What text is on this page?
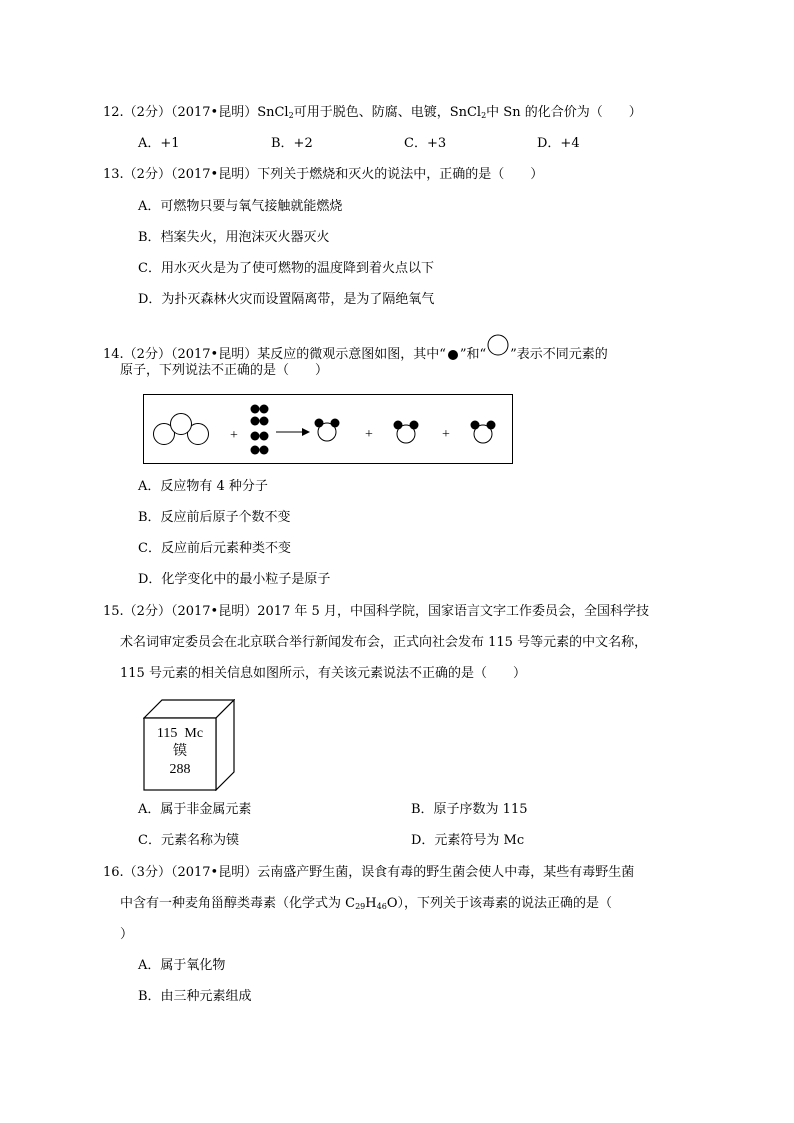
12.（2分）（2017•昆明）SnCl$_2$可用于脱色、防腐、电镀，SnCl$_2$中 Sn 的化合价为（　　）
A．+1	B．+2	C．+3	D．+4
13.（2分）（2017•昆明）下列关于燃烧和灭火的说法中，正确的是（　　）
A．可燃物只要与氧气接触就能燃烧
B．档案失火，用泡沫灭火器灭火
C．用水灭火是为了使可燃物的温度降到着火点以下
D．为扑灭森林火灾而设置隔离带，是为了隔绝氧气
14.（2分）（2017•昆明）某反应的微观示意图如图，其中“ ”和“ ”表示不同元素的
原子，下列说法不正确的是（　　）
+	+	+
A．反应物有 4 种分子
B．反应前后原子个数不变
C．反应前后元素种类不变
D．化学变化中的最小粒子是原子
15.（2分）（2017•昆明）2017 年 5 月，中国科学院，国家语言文字工作委员会，全国科学技
术名词审定委员会在北京联合举行新闻发布会，正式向社会发布 115 号等元素的中文名称，
115 号元素的相关信息如图所示，有关该元素说法不正确的是（　　）
115  Mc
镆
288
A．属于非金属元素	B．原子序数为 115
C．元素名称为镆	D．元素符号为 Mc
16.（3分）（2017•昆明）云南盛产野生菌，误食有毒的野生菌会使人中毒，某些有毒野生菌
中含有一种麦角甾醇类毒素（化学式为 $C_{29}H_{46}O$），下列关于该毒素的说法正确的是（
）
A．属于氧化物
B．由三种元素组成
